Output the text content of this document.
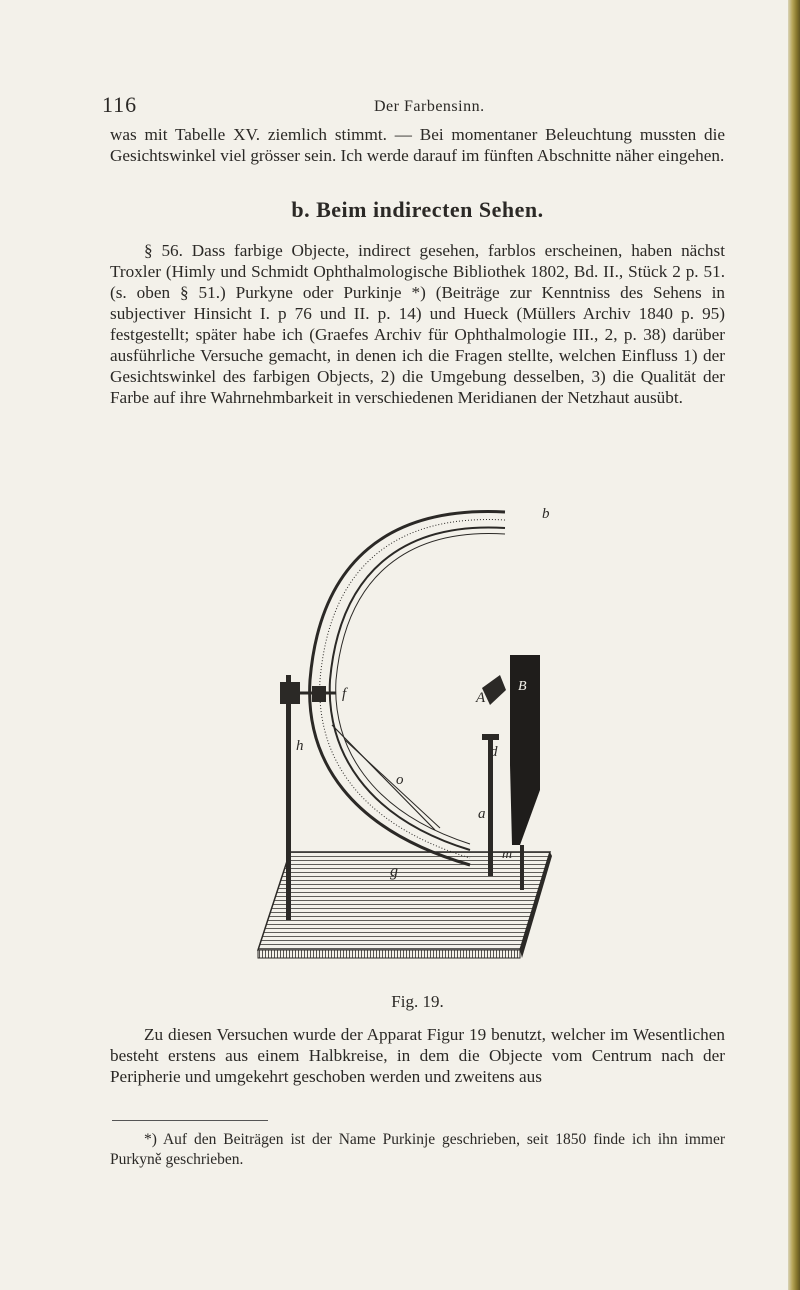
116	Der Farbensinn.

was mit Tabelle XV. ziemlich stimmt. — Bei momentaner Beleuchtung mussten die Gesichtswinkel viel grösser sein. Ich werde darauf im fünften Abschnitte näher eingehen.

b. Beim indirecten Sehen.

§ 56. Dass farbige Objecte, indirect gesehen, farblos erscheinen, haben nächst Troxler (Himly und Schmidt Ophthalmologische Bibliothek 1802, Bd. II., Stück 2 p. 51. (s. oben § 51.) Purkyne oder Purkinje *) (Beiträge zur Kenntniss des Sehens in subjectiver Hinsicht I. p 76 und II. p. 14) und Hueck (Müllers Archiv 1840 p. 95) festgestellt; später habe ich (Graefes Archiv für Ophthalmologie III., 2, p. 38) darüber ausführliche Versuche gemacht, in denen ich die Fragen stellte, welchen Einfluss 1) der Gesichtswinkel des farbigen Objects, 2) die Umgebung desselben, 3) die Qualität der Farbe auf ihre Wahrnehmbarkeit in verschiedenen Meridianen der Netzhaut ausübt.

b
f	A
B
d
h
o
a
m
g
Fig. 19.

Zu diesen Versuchen wurde der Apparat Figur 19 benutzt, welcher im Wesentlichen besteht erstens aus einem Halbkreise, in dem die Objecte vom Centrum nach der Peripherie und umgekehrt geschoben werden und zweitens aus

*) Auf den Beiträgen ist der Name Purkinje geschrieben, seit 1850 finde ich ihn immer Purkyně geschrieben.
